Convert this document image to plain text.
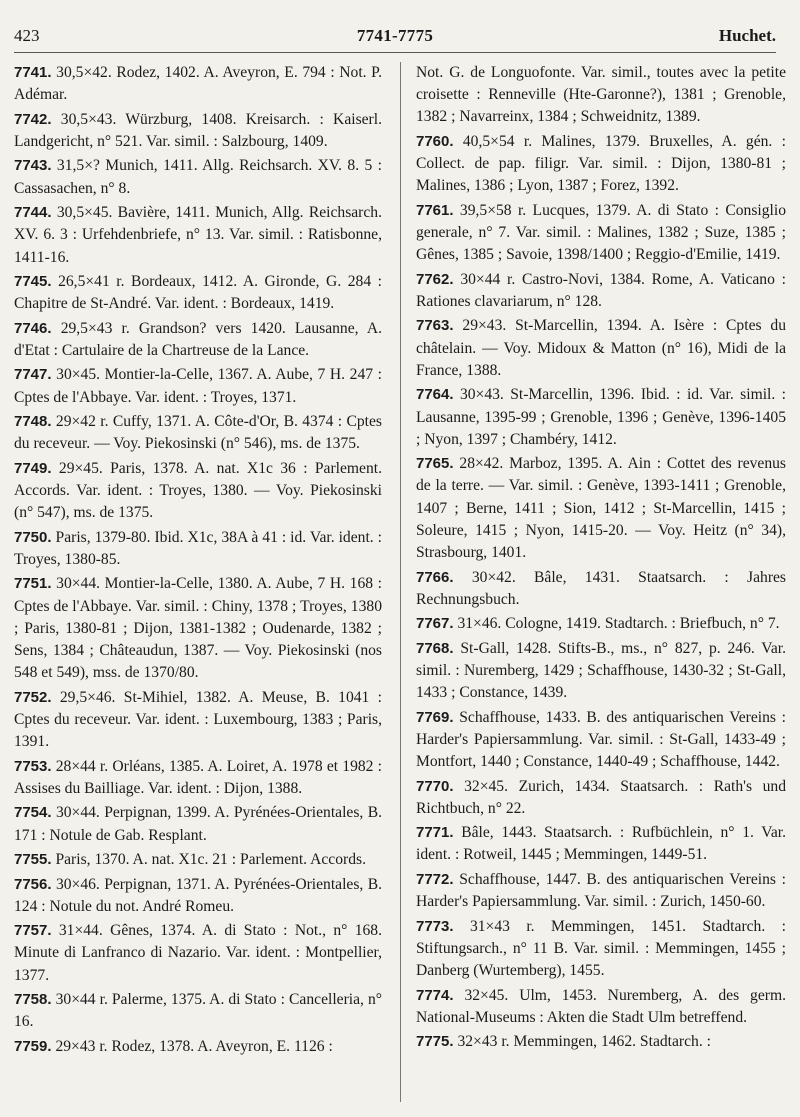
423	7741-7775	Huchet.
7741. 30,5×42. Rodez, 1402. A. Aveyron, E. 794 : Not. P. Adémar.
7742. 30,5×43. Würzburg, 1408. Kreisarch. : Kaiserl. Landgericht, n° 521. Var. simil. : Salzbourg, 1409.
7743. 31,5×? Munich, 1411. Allg. Reichsarch. XV. 8. 5 : Cassasachen, n° 8.
7744. 30,5×45. Bavière, 1411. Munich, Allg. Reichsarch. XV. 6. 3 : Urfehdenbriefe, n° 13. Var. simil. : Ratisbonne, 1411-16.
7745. 26,5×41 r. Bordeaux, 1412. A. Gironde, G. 284 : Chapitre de St-André. Var. ident. : Bordeaux, 1419.
7746. 29,5×43 r. Grandson? vers 1420. Lausanne, A. d'Etat : Cartulaire de la Chartreuse de la Lance.
7747. 30×45. Montier-la-Celle, 1367. A. Aube, 7 H. 247 : Cptes de l'Abbaye. Var. ident. : Troyes, 1371.
7748. 29×42 r. Cuffy, 1371. A. Côte-d'Or, B. 4374 : Cptes du receveur. — Voy. Piekosinski (n° 546), ms. de 1375.
7749. 29×45. Paris, 1378. A. nat. X1c 36 : Parlement. Accords. Var. ident. : Troyes, 1380. — Voy. Piekosinski (n° 547), ms. de 1375.
7750. Paris, 1379-80. Ibid. X1c, 38A à 41 : id. Var. ident. : Troyes, 1380-85.
7751. 30×44. Montier-la-Celle, 1380. A. Aube, 7 H. 168 : Cptes de l'Abbaye. Var. simil. : Chiny, 1378 ; Troyes, 1380 ; Paris, 1380-81 ; Dijon, 1381-1382 ; Oudenarde, 1382 ; Sens, 1384 ; Châteaudun, 1387. — Voy. Piekosinski (nos 548 et 549), mss. de 1370/80.
7752. 29,5×46. St-Mihiel, 1382. A. Meuse, B. 1041 : Cptes du receveur. Var. ident. : Luxembourg, 1383 ; Paris, 1391.
7753. 28×44 r. Orléans, 1385. A. Loiret, A. 1978 et 1982 : Assises du Bailliage. Var. ident. : Dijon, 1388.
7754. 30×44. Perpignan, 1399. A. Pyrénées-Orientales, B. 171 : Notule de Gab. Resplant.
7755. Paris, 1370. A. nat. X1c. 21 : Parlement. Accords.
7756. 30×46. Perpignan, 1371. A. Pyrénées-Orientales, B. 124 : Notule du not. André Romeu.
7757. 31×44. Gênes, 1374. A. di Stato : Not., n° 168. Minute di Lanfranco di Nazario. Var. ident. : Montpellier, 1377.
7758. 30×44 r. Palerme, 1375. A. di Stato : Cancelleria, n° 16.
7759. 29×43 r. Rodez, 1378. A. Aveyron, E. 1126 :
Not. G. de Longuofonte. Var. simil., toutes avec la petite croisette : Renneville (Hte-Garonne?), 1381 ; Grenoble, 1382 ; Navarreinx, 1384 ; Schweidnitz, 1389.
7760. 40,5×54 r. Malines, 1379. Bruxelles, A. gén. : Collect. de pap. filigr. Var. simil. : Dijon, 1380-81 ; Malines, 1386 ; Lyon, 1387 ; Forez, 1392.
7761. 39,5×58 r. Lucques, 1379. A. di Stato : Consiglio generale, n° 7. Var. simil. : Malines, 1382 ; Suze, 1385 ; Gênes, 1385 ; Savoie, 1398/1400 ; Reggio-d'Emilie, 1419.
7762. 30×44 r. Castro-Novi, 1384. Rome, A. Vaticano : Rationes clavariarum, n° 128.
7763. 29×43. St-Marcellin, 1394. A. Isère : Cptes du châtelain. — Voy. Midoux & Matton (n° 16), Midi de la France, 1388.
7764. 30×43. St-Marcellin, 1396. Ibid. : id. Var. simil. : Lausanne, 1395-99 ; Grenoble, 1396 ; Genève, 1396-1405 ; Nyon, 1397 ; Chambéry, 1412.
7765. 28×42. Marboz, 1395. A. Ain : Cottet des revenus de la terre. — Var. simil. : Genève, 1393-1411 ; Grenoble, 1407 ; Berne, 1411 ; Sion, 1412 ; St-Marcellin, 1415 ; Soleure, 1415 ; Nyon, 1415-20. — Voy. Heitz (n° 34), Strasbourg, 1401.
7766. 30×42. Bâle, 1431. Staatsarch. : Jahres Rechnungsbuch.
7767. 31×46. Cologne, 1419. Stadtarch. : Briefbuch, n° 7.
7768. St-Gall, 1428. Stifts-B., ms., n° 827, p. 246. Var. simil. : Nuremberg, 1429 ; Schaffhouse, 1430-32 ; St-Gall, 1433 ; Constance, 1439.
7769. Schaffhouse, 1433. B. des antiquarischen Vereins : Harder's Papiersammlung. Var. simil. : St-Gall, 1433-49 ; Montfort, 1440 ; Constance, 1440-49 ; Schaffhouse, 1442.
7770. 32×45. Zurich, 1434. Staatsarch. : Rath's und Richtbuch, n° 22.
7771. Bâle, 1443. Staatsarch. : Rufbüchlein, n° 1. Var. ident. : Rotweil, 1445 ; Memmingen, 1449-51.
7772. Schaffhouse, 1447. B. des antiquarischen Vereins : Harder's Papiersammlung. Var. simil. : Zurich, 1450-60.
7773. 31×43 r. Memmingen, 1451. Stadtarch. : Stiftungsarch., n° 11 B. Var. simil. : Memmingen, 1455 ; Danberg (Wurtemberg), 1455.
7774. 32×45. Ulm, 1453. Nuremberg, A. des germ. National-Museums : Akten die Stadt Ulm betreffend.
7775. 32×43 r. Memmingen, 1462. Stadtarch. :
